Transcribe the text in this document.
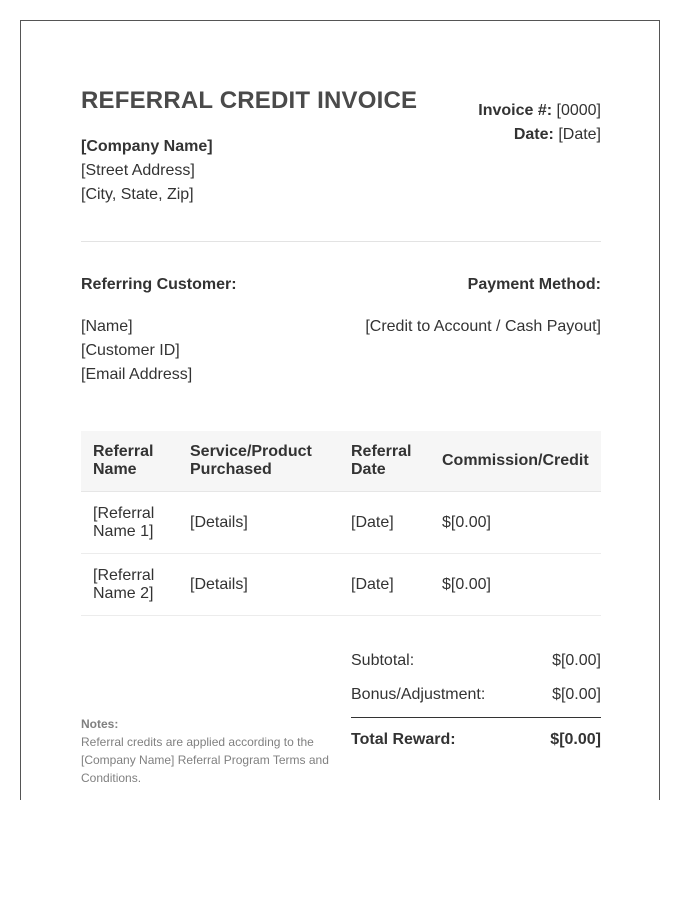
REFERRAL CREDIT INVOICE	Invoice #: [0000]
Date: [Date]
[Company Name]
[Street Address]
[City, State, Zip]
Referring Customer:
[Name]
[Customer ID]
[Email Address]
Payment Method:
[Credit to Account / Cash Payout]
Referral Name	Service/Product Purchased	Referral Date	Commission/Credit
[Referral Name 1]	[Details]	[Date]	$[0.00]
[Referral Name 2]	[Details]	[Date]	$[0.00]
Subtotal:	$[0.00]
Bonus/Adjustment:	$[0.00]
Total Reward:	$[0.00]
Notes:
Referral credits are applied according to the [Company Name] Referral Program Terms and Conditions.
